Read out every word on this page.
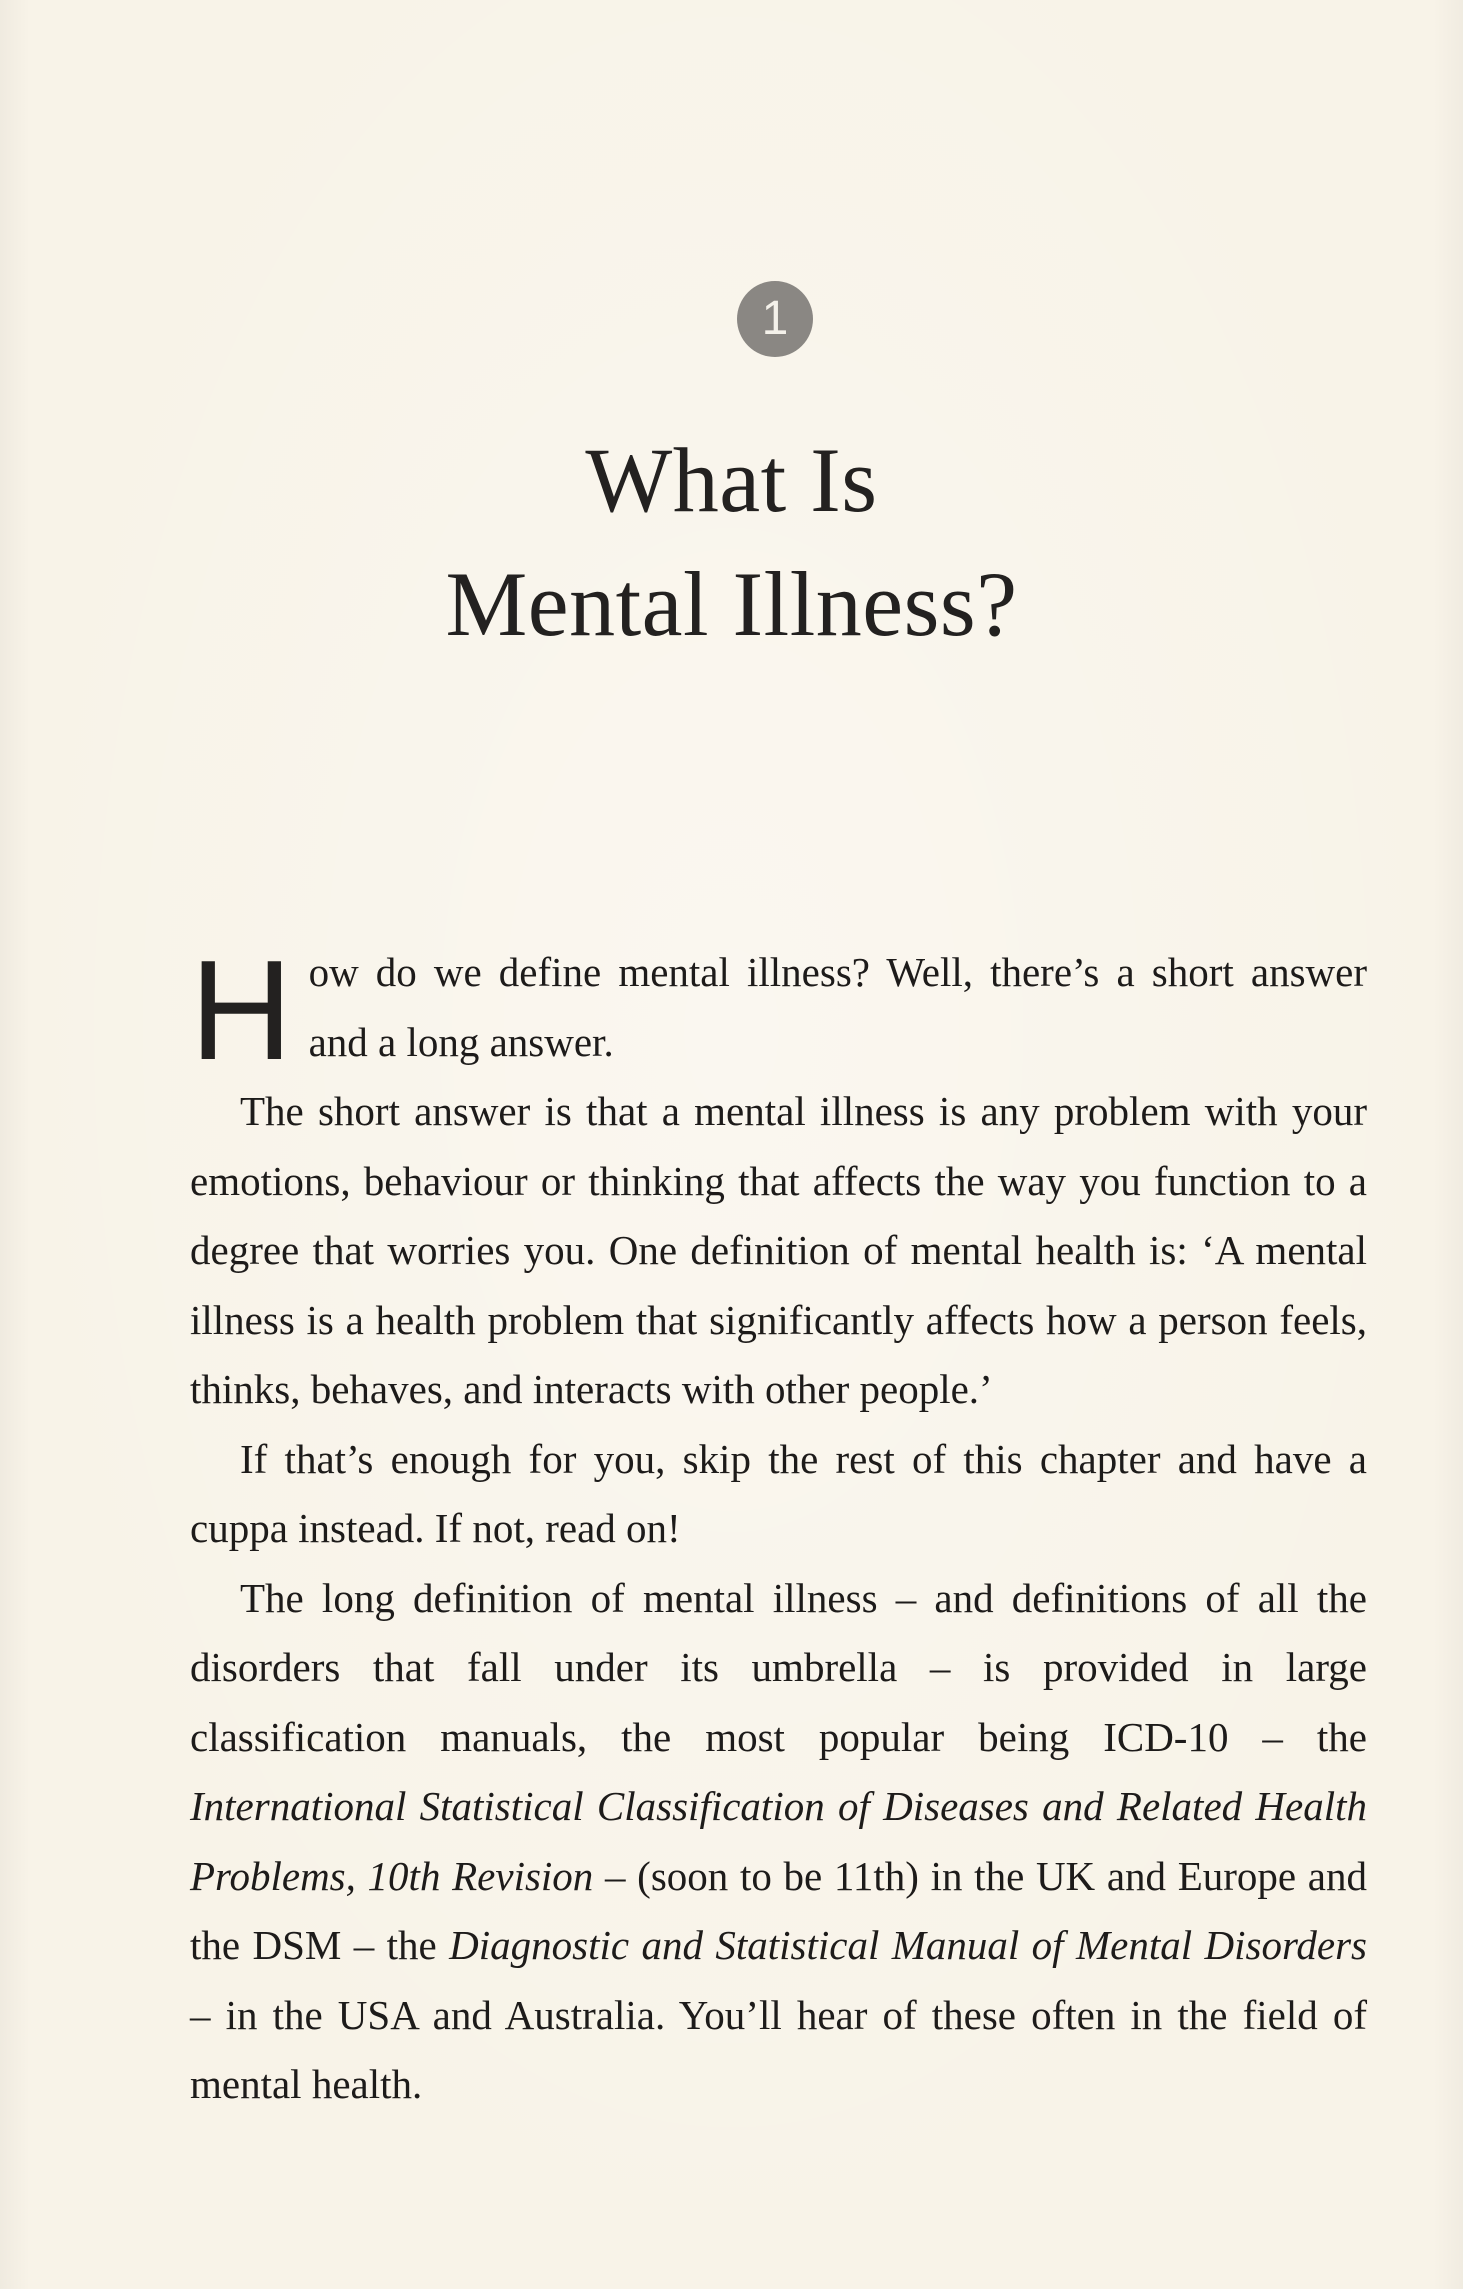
1
What Is
Mental Illness?

How do we define mental illness? Well, there’s a short answer and a long answer.

The short answer is that a mental illness is any problem with your emotions, behaviour or thinking that affects the way you function to a degree that worries you. One definition of mental health is: ‘A mental illness is a health problem that significantly affects how a person feels, thinks, behaves, and interacts with other people.’

If that’s enough for you, skip the rest of this chapter and have a cuppa instead. If not, read on!

The long definition of mental illness – and definitions of all the disorders that fall under its umbrella – is provided in large classification manuals, the most popular being ICD-10 – the International Statistical Classification of Diseases and Related Health Problems, 10th Revision – (soon to be 11th) in the UK and Europe and the DSM – the Diagnostic and Statistical Manual of Mental Disorders – in the USA and Australia. You’ll hear of these often in the field of mental health.
